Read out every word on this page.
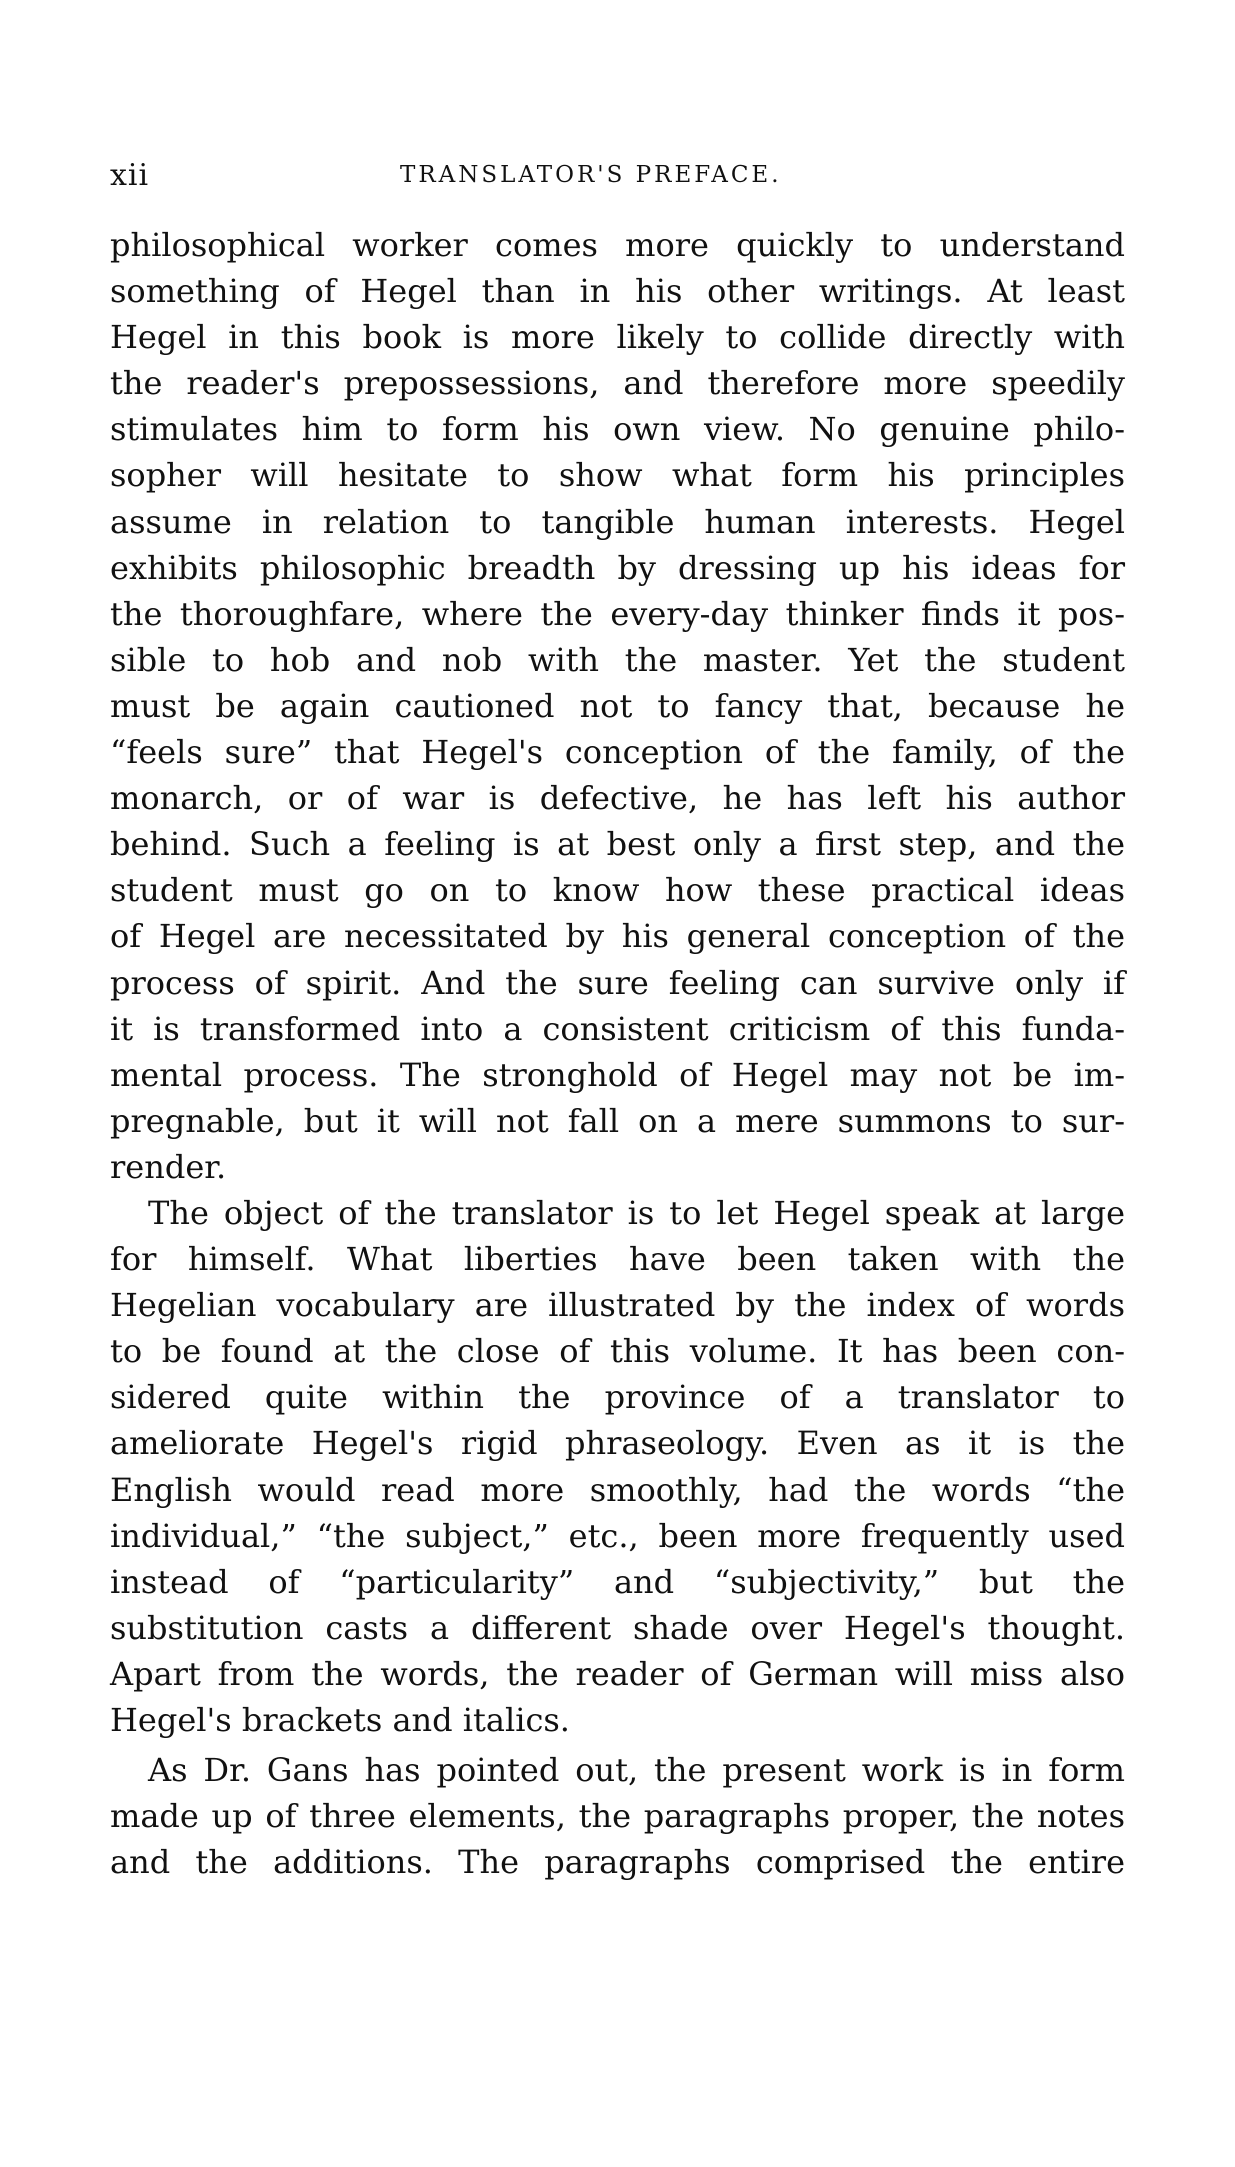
xii	TRANSLATOR'S PREFACE.
philosophical worker comes more quickly to understand
something of Hegel than in his other writings. At least
Hegel in this book is more likely to collide directly with
the reader's prepossessions, and therefore more speedily
stimulates him to form his own view. No genuine philo-
sopher will hesitate to show what form his principles
assume in relation to tangible human interests. Hegel
exhibits philosophic breadth by dressing up his ideas for
the thoroughfare, where the every-day thinker finds it pos-
sible to hob and nob with the master. Yet the student
must be again cautioned not to fancy that, because he
“feels sure” that Hegel's conception of the family, of the
monarch, or of war is defective, he has left his author
behind. Such a feeling is at best only a first step, and the
student must go on to know how these practical ideas
of Hegel are necessitated by his general conception of the
process of spirit. And the sure feeling can survive only if
it is transformed into a consistent criticism of this funda-
mental process. The stronghold of Hegel may not be im-
pregnable, but it will not fall on a mere summons to sur-
render.
The object of the translator is to let Hegel speak at large
for himself. What liberties have been taken with the
Hegelian vocabulary are illustrated by the index of words
to be found at the close of this volume. It has been con-
sidered quite within the province of a translator to
ameliorate Hegel's rigid phraseology. Even as it is the
English would read more smoothly, had the words “the
individual,” “the subject,” etc., been more frequently used
instead of “particularity” and “subjectivity,” but the
substitution casts a different shade over Hegel's thought.
Apart from the words, the reader of German will miss also
Hegel's brackets and italics.
As Dr. Gans has pointed out, the present work is in form
made up of three elements, the paragraphs proper, the notes
and the additions. The paragraphs comprised the entire
